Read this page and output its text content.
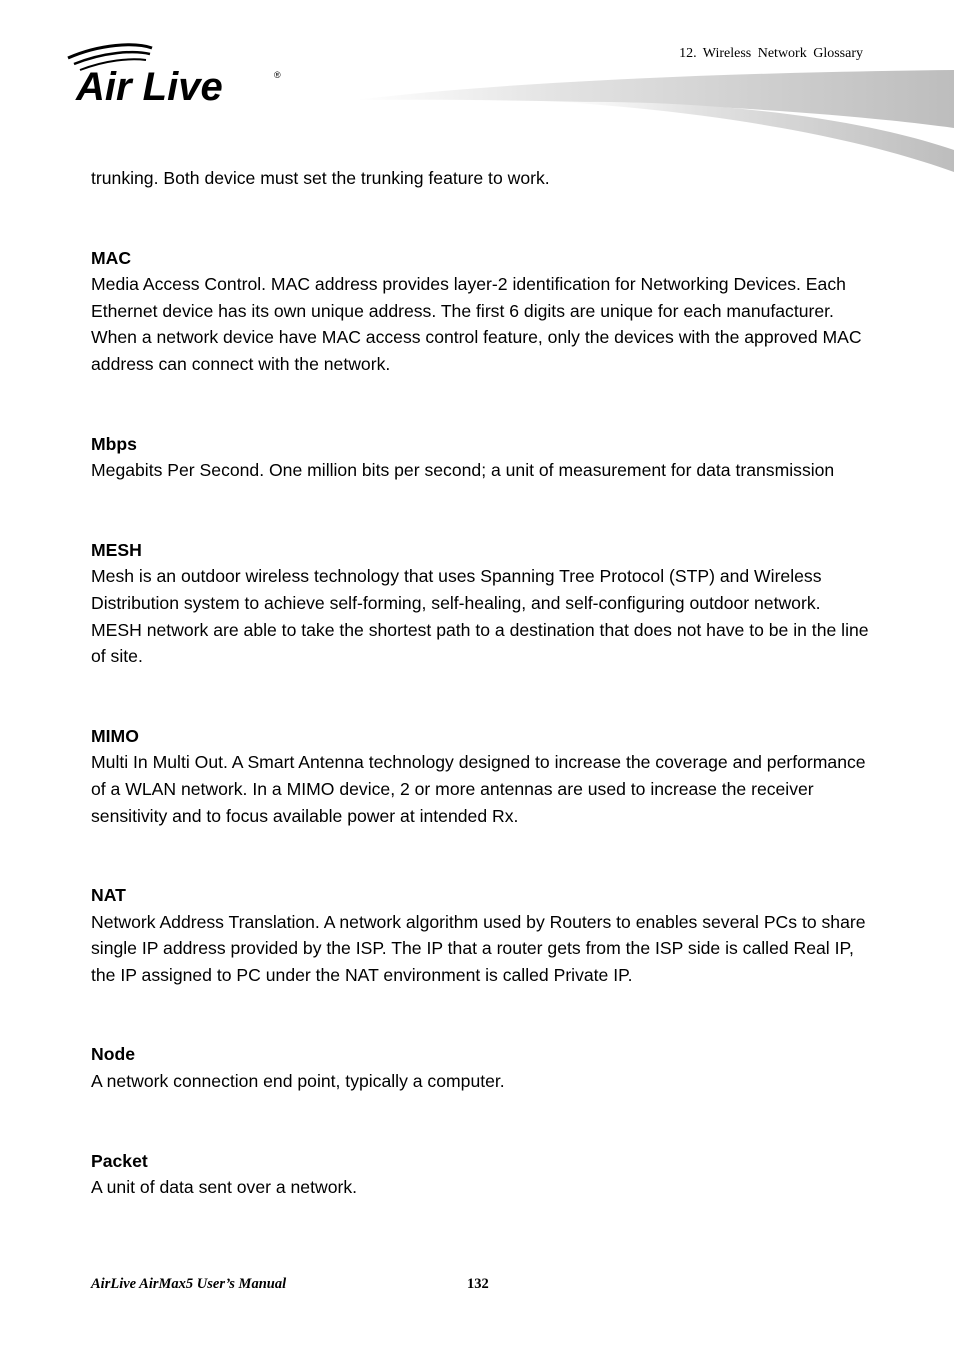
Air Live	®
12. Wireless Network Glossary

trunking. Both device must set the trunking feature to work.

MAC

Media Access Control. MAC address provides layer-2 identification for Networking Devices. Each Ethernet device has its own unique address. The first 6 digits are unique for each manufacturer. When a network device have MAC access control feature, only the devices with the approved MAC address can connect with the network.

Mbps

Megabits Per Second. One million bits per second; a unit of measurement for data transmission

MESH

Mesh is an outdoor wireless technology that uses Spanning Tree Protocol (STP) and Wireless Distribution system to achieve self-forming, self-healing, and self-configuring outdoor network. MESH network are able to take the shortest path to a destination that does not have to be in the line of site.

MIMO

Multi In Multi Out. A Smart Antenna technology designed to increase the coverage and performance of a WLAN network. In a MIMO device, 2 or more antennas are used to increase the receiver sensitivity and to focus available power at intended Rx.

NAT

Network Address Translation. A network algorithm used by Routers to enables several PCs to share single IP address provided by the ISP. The IP that a router gets from the ISP side is called Real IP, the IP assigned to PC under the NAT environment is called Private IP.

Node

A network connection end point, typically a computer.

Packet

A unit of data sent over a network.

AirLive AirMax5 User’s Manual	132
